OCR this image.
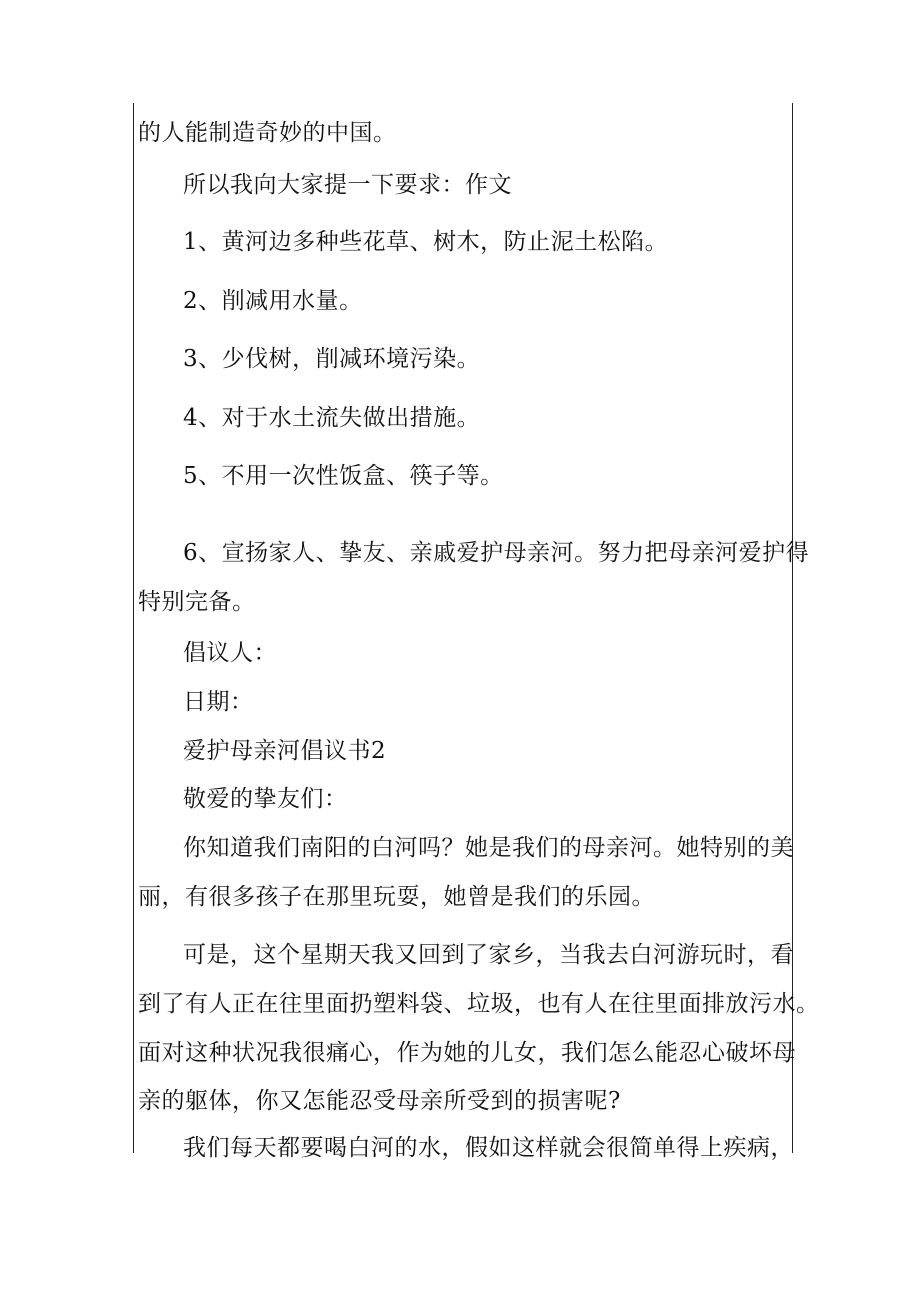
的人能制造奇妙的中国。
所以我向大家提一下要求：作文
1、黄河边多种些花草、树木，防止泥土松陷。
2、削减用水量。
3、少伐树，削减环境污染。
4、对于水土流失做出措施。
5、不用一次性饭盒、筷子等。
6、宣扬家人、挚友、亲戚爱护母亲河。努力把母亲河爱护得
特别完备。
倡议人：
日期：
爱护母亲河倡议书2
敬爱的挚友们：
你知道我们南阳的白河吗？她是我们的母亲河。她特别的美
丽，有很多孩子在那里玩耍，她曾是我们的乐园。
可是，这个星期天我又回到了家乡，当我去白河游玩时，看
到了有人正在往里面扔塑料袋、垃圾，也有人在往里面排放污水。
面对这种状况我很痛心，作为她的儿女，我们怎么能忍心破坏母
亲的躯体，你又怎能忍受母亲所受到的损害呢?
我们每天都要喝白河的水，假如这样就会很简单得上疾病，
